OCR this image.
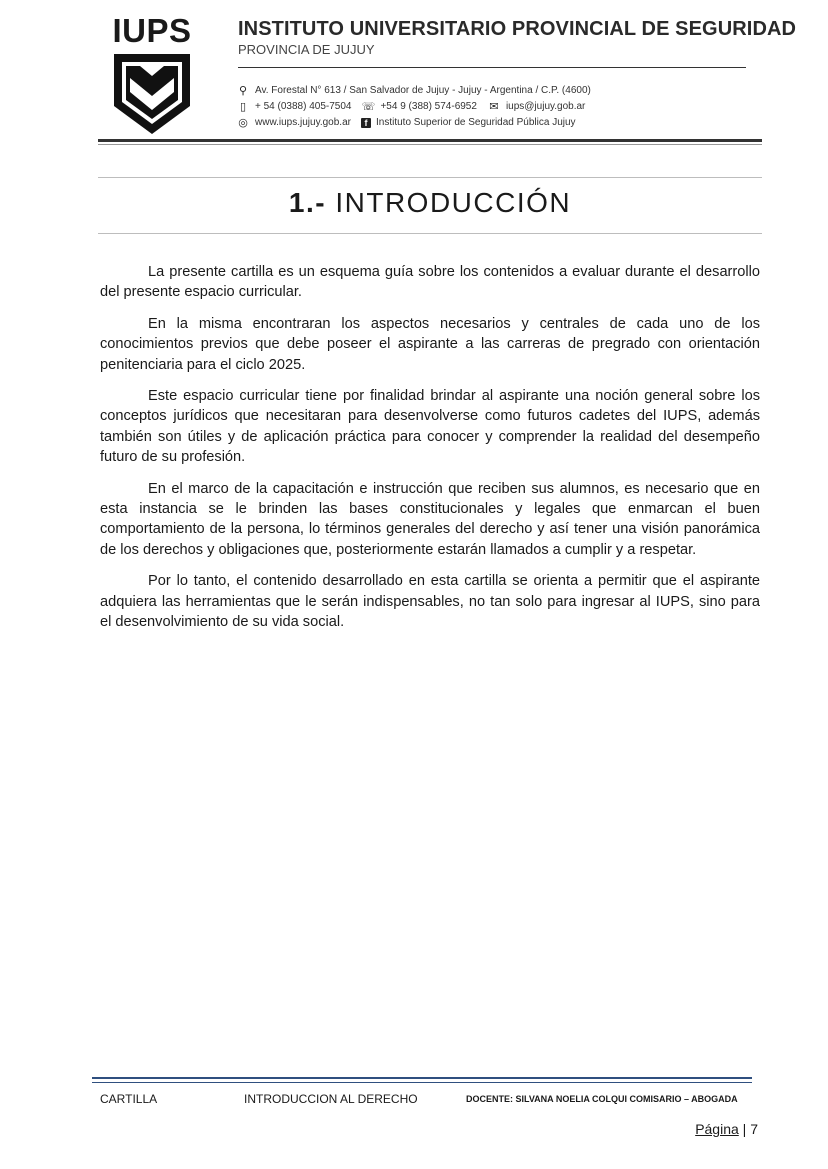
IUPS INSTITUTO UNIVERSITARIO PROVINCIAL DE SEGURIDAD
PROVINCIA DE JUJUY
⚲ Av. Forestal N° 613 / San Salvador de Jujuy - Jujuy - Argentina / C.P. (4600)
▯ + 54 (0388) 405-7504 ☏ +54 9 (388) 574-6952 ✉ iups@jujuy.gob.ar
◎ www.iups.jujuy.gob.ar	f Instituto Superior de Seguridad Pública Jujuy
1.- INTRODUCCIÓN

La presente cartilla es un esquema guía sobre los contenidos a evaluar durante el desarrollo del presente espacio curricular.

En la misma encontraran los aspectos necesarios y centrales de cada uno de los conocimientos previos que debe poseer el aspirante a las carreras de pregrado con orientación penitenciaria para el ciclo 2025.

Este espacio curricular tiene por finalidad brindar al aspirante una noción general sobre los conceptos jurídicos que necesitaran para desenvolverse como futuros cadetes del IUPS, además también son útiles y de aplicación práctica para conocer y comprender la realidad del desempeño futuro de su profesión.

En el marco de la capacitación e instrucción que reciben sus alumnos, es necesario que en esta instancia se le brinden las bases constitucionales y legales que enmarcan el buen comportamiento de la persona, lo términos generales del derecho y así tener una visión panorámica de los derechos y obligaciones que, posteriormente estarán llamados a cumplir y a respetar.

Por lo tanto, el contenido desarrollado en esta cartilla se orienta a permitir que el aspirante adquiera las herramientas que le serán indispensables, no tan solo para ingresar al IUPS, sino para el desenvolvimiento de su vida social.

CARTILLA	INTRODUCCION AL DERECHO	DOCENTE: SILVANA NOELIA COLQUI COMISARIO – ABOGADA
Página | 7
